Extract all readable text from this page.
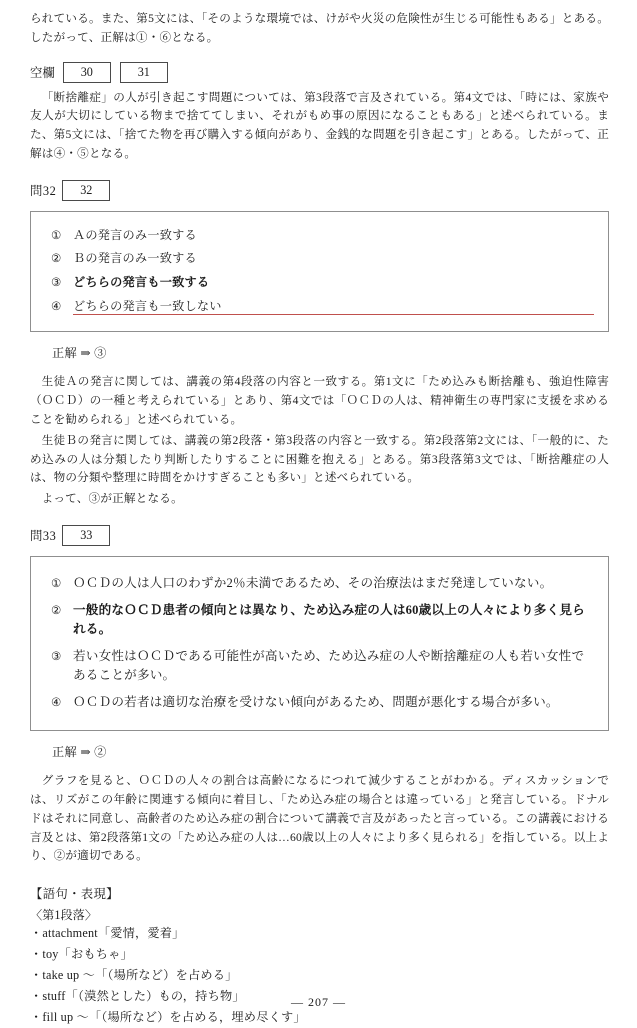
られている。また、第5文には、「そのような環境では、けがや火災の危険性が生じる可能性もある」とある。したがって、正解は①・⑥となる。

空欄	30	31

「断捨離症」の人が引き起こす問題については、第3段落で言及されている。第4文では、「時には、家族や友人が大切にしている物まで捨ててしまい、それがもめ事の原因になることもある」と述べられている。また、第5文には、「捨てた物を再び購入する傾向があり、金銭的な問題を引き起こす」とある。したがって、正解は④・⑤となる。

問32	32
① Ａの発言のみ一致する
② Ｂの発言のみ一致する
③ どちらの発言も一致する
④ どちらの発言も一致しない
正解 ⇒ ③

生徒Ａの発言に関しては、講義の第4段落の内容と一致する。第1文に「ため込みも断捨離も、強迫性障害（ＯＣＤ）の一種と考えられている」とあり、第4文では「ＯＣＤの人は、精神衛生の専門家に支援を求めることを勧められる」と述べられている。

生徒Ｂの発言に関しては、講義の第2段落・第3段落の内容と一致する。第2段落第2文には、「一般的に、ため込みの人は分類したり判断したりすることに困難を抱える」とある。第3段落第3文では、「断捨離症の人は、物の分類や整理に時間をかけすぎることも多い」と述べられている。

よって、③が正解となる。

問33	33
① ＯＣＤの人は人口のわずか2％未満であるため、その治療法はまだ発達していない。
② 一般的なＯＣＤ患者の傾向とは異なり、ため込み症の人は60歳以上の人々により多く見られる。
③ 若い女性はＯＣＤである可能性が高いため、ため込み症の人や断捨離症の人も若い女性であることが多い。
④ ＯＣＤの若者は適切な治療を受けない傾向があるため、問題が悪化する場合が多い。
正解 ⇒ ②

グラフを見ると、ＯＣＤの人々の割合は高齢になるにつれて減少することがわかる。ディスカッションでは、リズがこの年齢に関連する傾向に着目し、「ため込み症の場合とは違っている」と発言している。ドナルドはそれに同意し、高齢者のため込み症の割合について講義で言及があったと言っている。この講義における言及とは、第2段落第1文の「ため込み症の人は…60歳以上の人々により多く見られる」を指している。以上より、②が適切である。

【語句・表現】
〈第1段落〉
・attachment「愛情，愛着」
・toy「おもちゃ」
・take up ～「（場所など）を占める」
・stuff「（漠然とした）もの，持ち物」
・fill up ～「（場所など）を占める，埋め尽くす」
— 207 —
